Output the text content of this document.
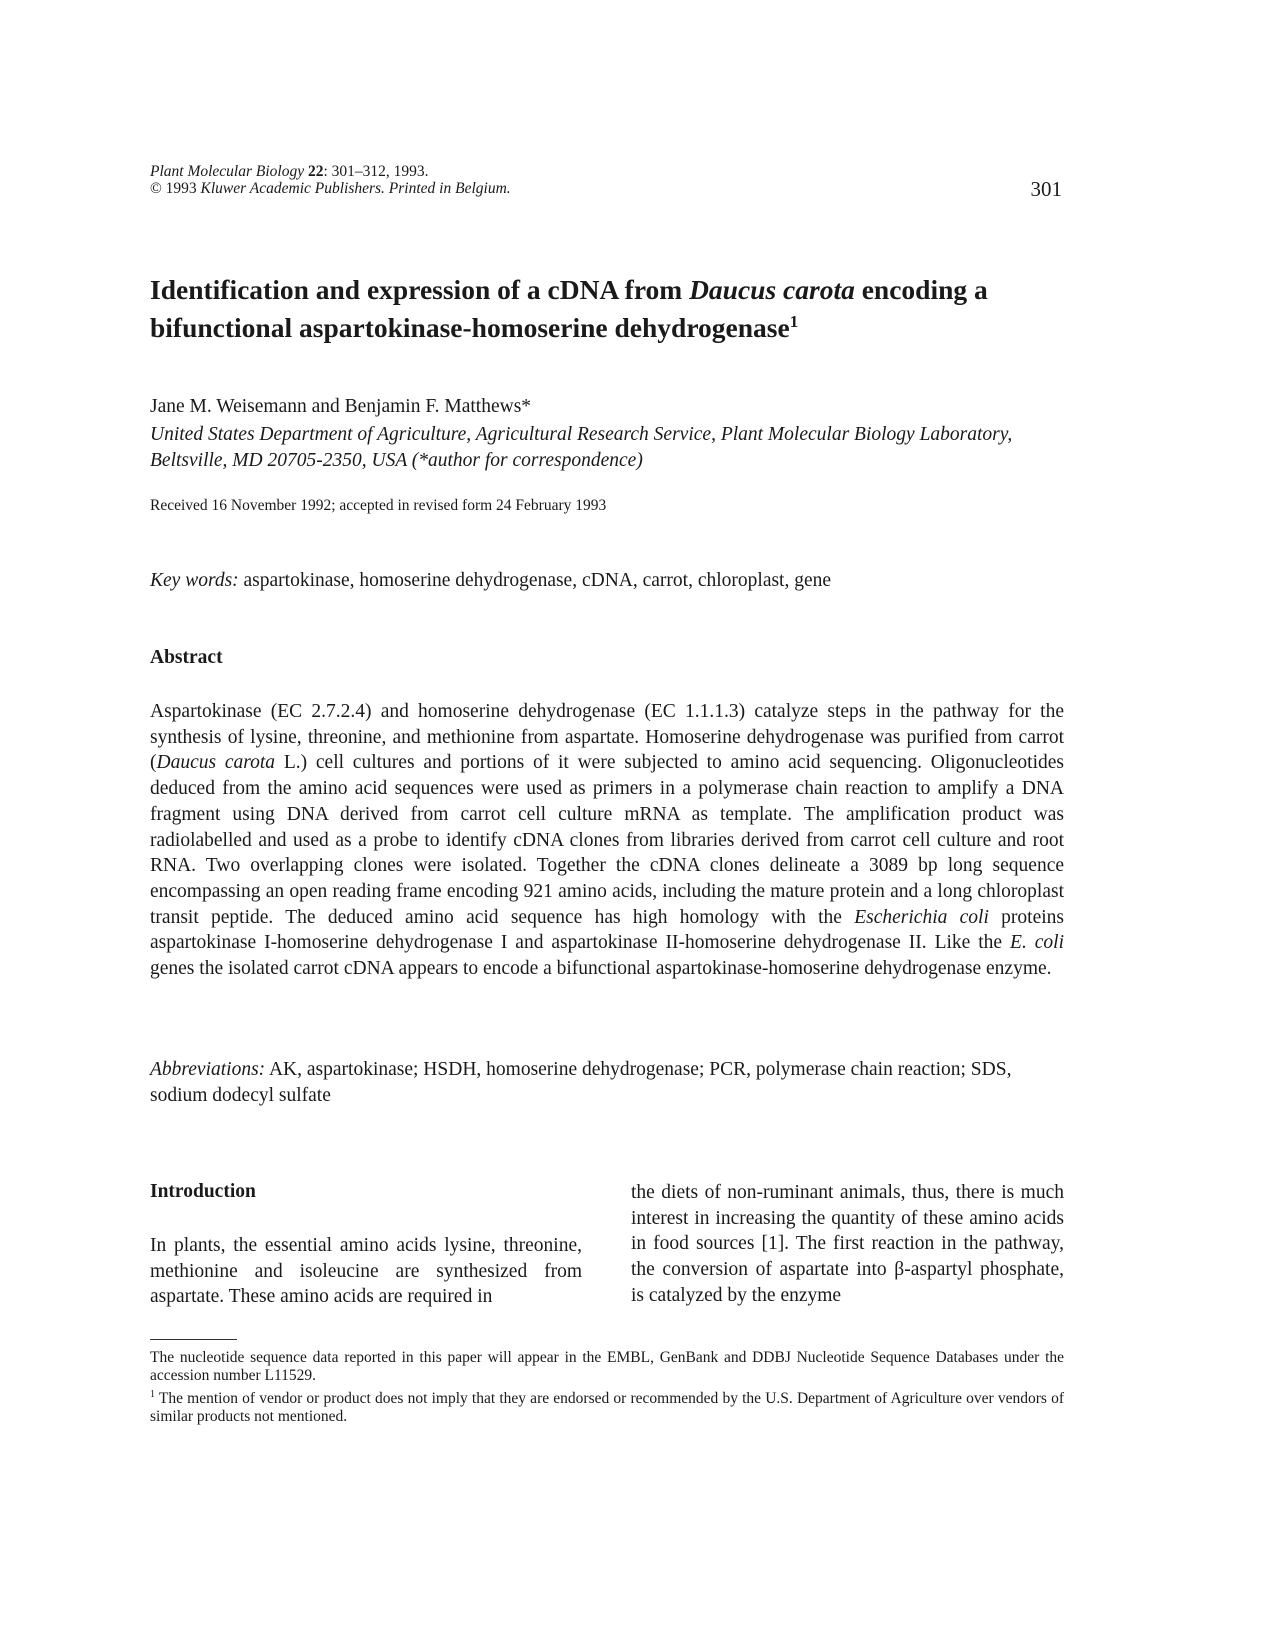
Plant Molecular Biology 22: 301–312, 1993.
© 1993 Kluwer Academic Publishers. Printed in Belgium.	301
Identification and expression of a cDNA from Daucus carota encoding a bifunctional aspartokinase-homoserine dehydrogenase$^1$
Jane M. Weisemann and Benjamin F. Matthews*
United States Department of Agriculture, Agricultural Research Service, Plant Molecular Biology Laboratory, Beltsville, MD 20705-2350, USA (*author for correspondence)
Received 16 November 1992; accepted in revised form 24 February 1993
Key words: aspartokinase, homoserine dehydrogenase, cDNA, carrot, chloroplast, gene
Abstract

Aspartokinase (EC 2.7.2.4) and homoserine dehydrogenase (EC 1.1.1.3) catalyze steps in the pathway for the synthesis of lysine, threonine, and methionine from aspartate. Homoserine dehydrogenase was purified from carrot (Daucus carota L.) cell cultures and portions of it were subjected to amino acid sequencing. Oligonucleotides deduced from the amino acid sequences were used as primers in a polymerase chain reaction to amplify a DNA fragment using DNA derived from carrot cell culture mRNA as template. The amplification product was radiolabelled and used as a probe to identify cDNA clones from libraries derived from carrot cell culture and root RNA. Two overlapping clones were isolated. Together the cDNA clones delineate a 3089 bp long sequence encompassing an open reading frame encoding 921 amino acids, including the mature protein and a long chloroplast transit peptide. The deduced amino acid sequence has high homology with the Escherichia coli proteins aspartokinase I-homoserine dehydrogenase I and aspartokinase II-homoserine dehydrogenase II. Like the E. coli genes the isolated carrot cDNA appears to encode a bifunctional aspartokinase-homoserine dehydrogenase enzyme.

Abbreviations: AK, aspartokinase; HSDH, homoserine dehydrogenase; PCR, polymerase chain reaction; SDS, sodium dodecyl sulfate

Introduction

In plants, the essential amino acids lysine, threonine, methionine and isoleucine are synthesized from aspartate. These amino acids are required in

the diets of non-ruminant animals, thus, there is much interest in increasing the quantity of these amino acids in food sources [1]. The first reaction in the pathway, the conversion of aspartate into β-aspartyl phosphate, is catalyzed by the enzyme

The nucleotide sequence data reported in this paper will appear in the EMBL, GenBank and DDBJ Nucleotide Sequence Databases under the accession number L11529.

$^1$ The mention of vendor or product does not imply that they are endorsed or recommended by the U.S. Department of Agriculture over vendors of similar products not mentioned.
